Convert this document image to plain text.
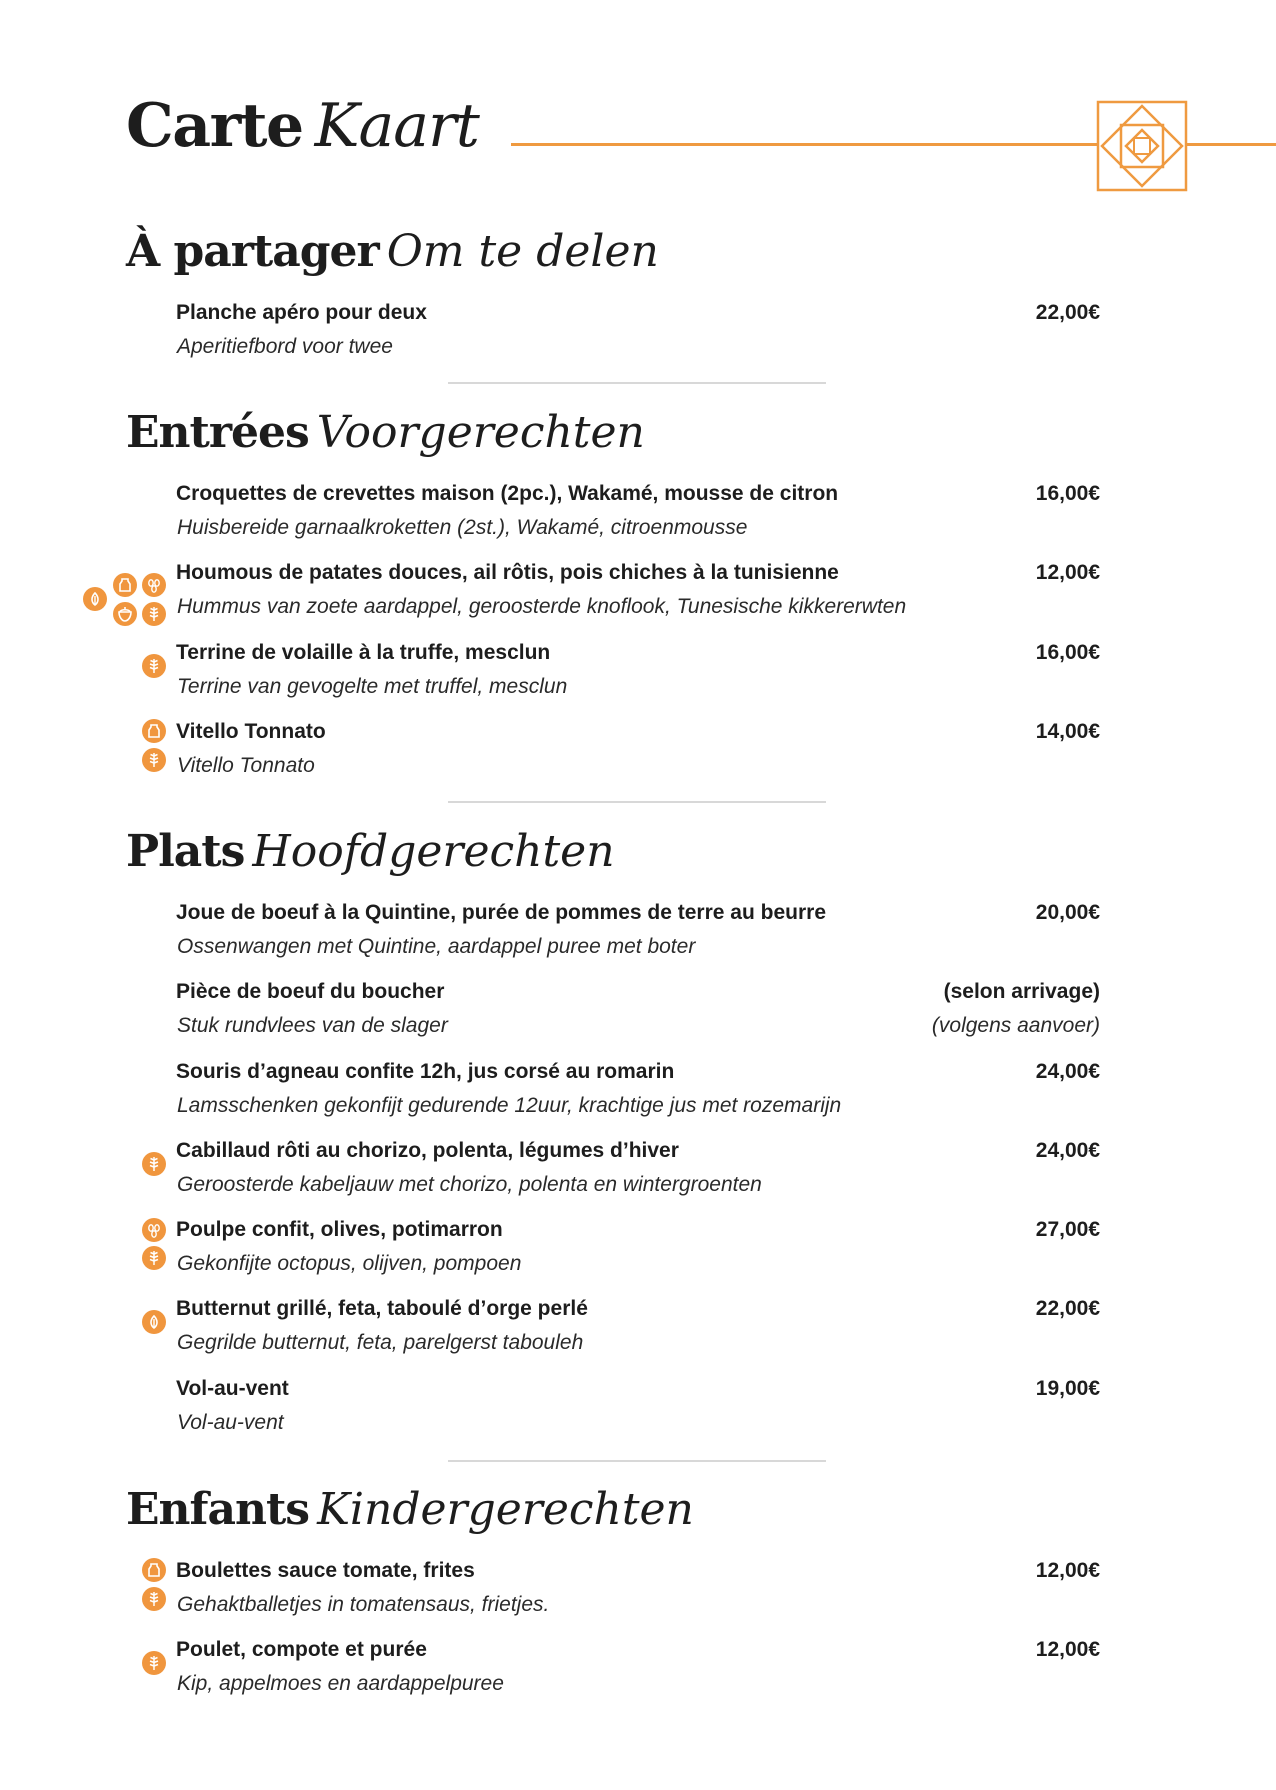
Carte Kaart
À partager Om te delen

Planche apéro pour deux

Aperitiefbord voor twee

22,00€

Entrées Voorgerechten

Croquettes de crevettes maison (2pc.), Wakamé, mousse de citron

Huisbereide garnaalkroketten (2st.), Wakamé, citroenmousse

16,00€

Houmous de patates douces, ail rôtis, pois chiches à la tunisienne

Hummus van zoete aardappel, geroosterde knoflook, Tunesische kikkererwten

12,00€

Terrine de volaille à la truffe, mesclun

Terrine van gevogelte met truffel, mesclun

16,00€

Vitello Tonnato

Vitello Tonnato

14,00€

Plats Hoofdgerechten

Joue de boeuf à la Quintine, purée de pommes de terre au beurre

Ossenwangen met Quintine, aardappel puree met boter

20,00€

Pièce de boeuf du boucher

Stuk rundvlees van de slager

(selon arrivage)

(volgens aanvoer)

Souris d’agneau confite 12h, jus corsé au romarin

Lamsschenken gekonfijt gedurende 12uur, krachtige jus met rozemarijn

24,00€

Cabillaud rôti au chorizo, polenta, légumes d’hiver

Geroosterde kabeljauw met chorizo, polenta en wintergroenten

24,00€

Poulpe confit, olives, potimarron

Gekonfijte octopus, olijven, pompoen

27,00€

Butternut grillé, feta, taboulé d’orge perlé

Gegrilde butternut, feta, parelgerst tabouleh

22,00€

Vol-au-vent

Vol-au-vent

19,00€

Enfants Kindergerechten

Boulettes sauce tomate, frites

Gehaktballetjes in tomatensaus, frietjes.

12,00€

Poulet, compote et purée

Kip, appelmoes en aardappelpuree

12,00€
